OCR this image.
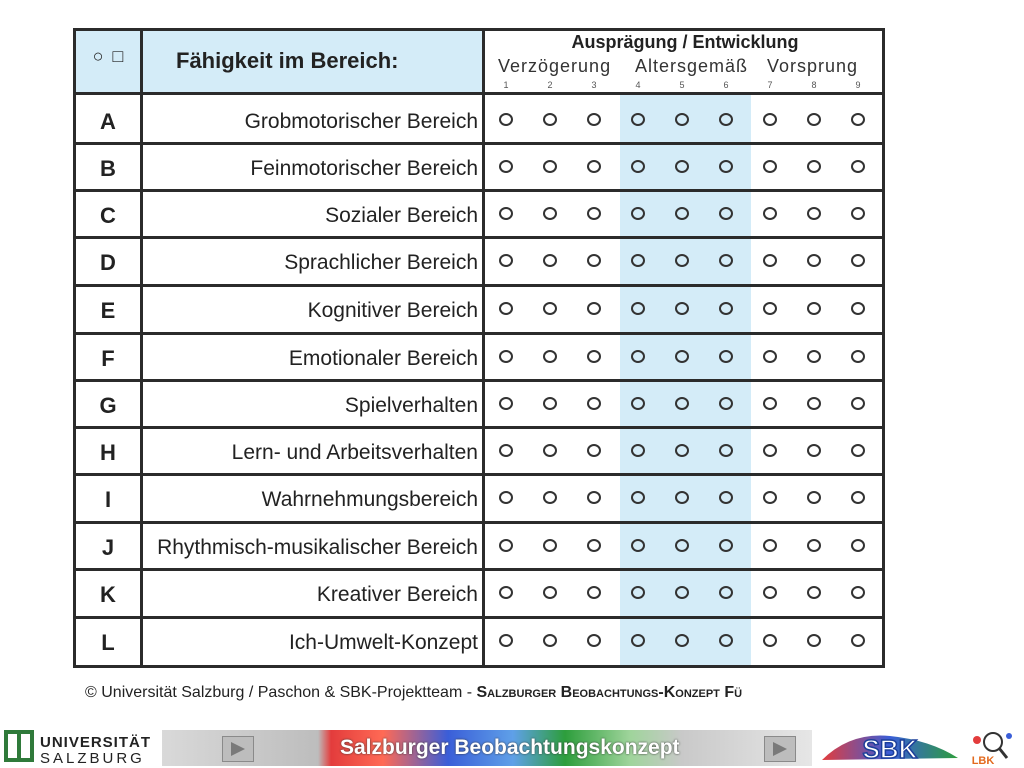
○ □	Fähigkeit im Bereich:
Ausprägung / Entwicklung
Verzögerung Altersgemäß Vorsprung
1	2	3	4	5	6	7	8	9
A	Grobmotorischer Bereich
B	Feinmotorischer Bereich
C	Sozialer Bereich
D	Sprachlicher Bereich
E	Kognitiver Bereich
F	Emotionaler Bereich
G	Spielverhalten
H	Lern- und Arbeitsverhalten
I	Wahrnehmungsbereich
J	Rhythmisch-musikalischer Bereich
K	Kreativer Bereich
L	Ich-Umwelt-Konzept
© Universität Salzburg / Paschon & SBK-Projektteam - Salzburger Beobachtungs-Konzept Fü
UNIVERSITÄT
SALZBURG	Salzburger Beobachtungskonzept	SBK	LBK
